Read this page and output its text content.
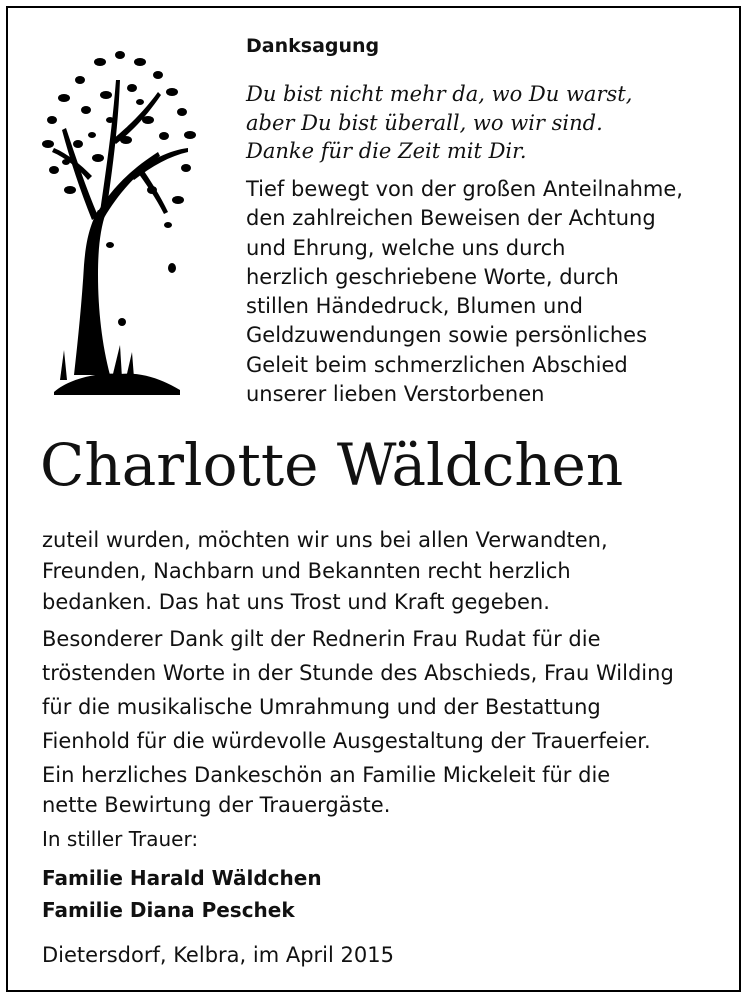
Danksagung

Du bist nicht mehr da, wo Du warst,
aber Du bist überall, wo wir sind.
Danke für die Zeit mit Dir.
Tief bewegt von der großen Anteilnahme,
den zahlreichen Beweisen der Achtung
und Ehrung, welche uns durch
herzlich geschriebene Worte, durch
stillen Händedruck, Blumen und
Geldzuwendungen sowie persönliches
Geleit beim schmerzlichen Abschied
unserer lieben Verstorbenen

Charlotte Wäldchen

zuteil wurden, möchten wir uns bei allen Verwandten,
Freunden, Nachbarn und Bekannten recht herzlich
bedanken. Das hat uns Trost und Kraft gegeben.
Besonderer Dank gilt der Rednerin Frau Rudat für die
tröstenden Worte in der Stunde des Abschieds, Frau Wilding
für die musikalische Umrahmung und der Bestattung
Fienhold für die würdevolle Ausgestaltung der Trauerfeier.
Ein herzliches Dankeschön an Familie Mickeleit für die
nette Bewirtung der Trauergäste.

In stiller Trauer:

Familie Harald Wäldchen
Familie Diana Peschek

Dietersdorf, Kelbra, im April 2015
